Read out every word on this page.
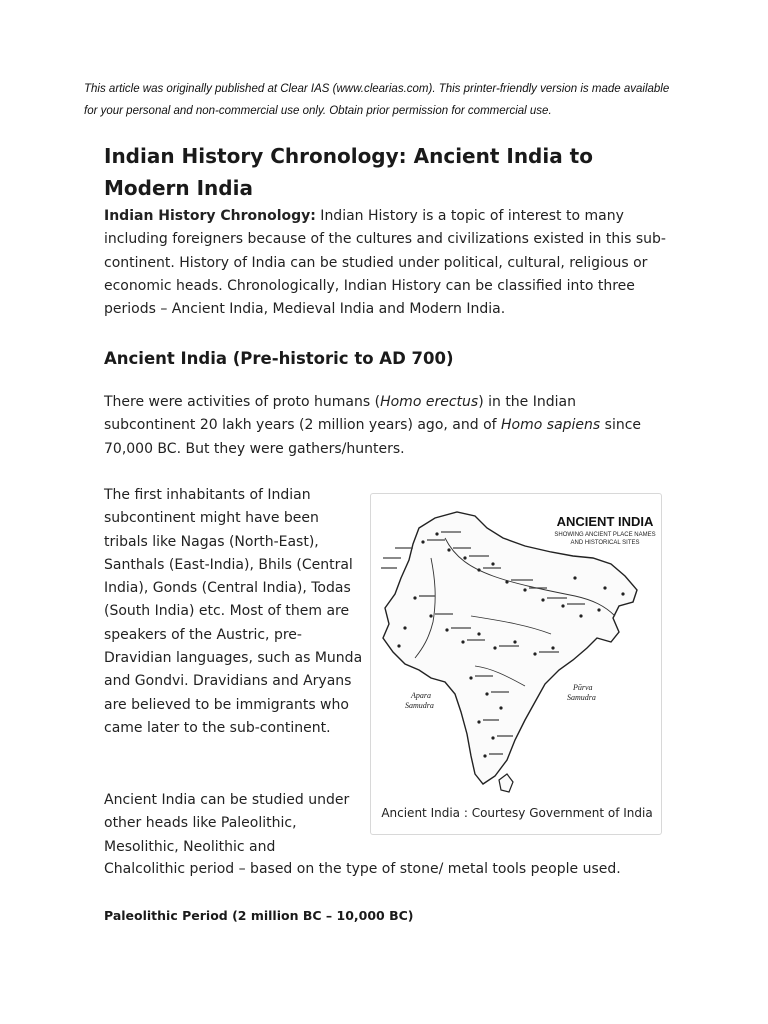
This article was originally published at Clear IAS (www.clearias.com). This printer-friendly version is made available for your personal and non-commercial use only. Obtain prior permission for commercial use.
Indian History Chronology: Ancient India to Modern India

Indian History Chronology: Indian History is a topic of interest to many including foreigners because of the cultures and civilizations existed in this sub-continent. History of India can be studied under political, cultural, religious or economic heads. Chronologically, Indian History can be classified into three periods – Ancient India, Medieval India and Modern India.

Ancient India (Pre-historic to AD 700)

There were activities of proto humans (Homo erectus) in the Indian subcontinent 20 lakh years (2 million years) ago, and of Homo sapiens since 70,000 BC. But they were gathers/hunters.

The first inhabitants of Indian subcontinent might have been tribals like Nagas (North-East), Santhals (East-India), Bhils (Central India), Gonds (Central India), Todas (South India) etc. Most of them are speakers of the Austric, pre-Dravidian languages, such as Munda and Gondvi. Dravidians and Aryans are believed to be immigrants who came later to the sub-continent.

Ancient India can be studied under other heads like Paleolithic, Mesolithic, Neolithic and

Chalcolithic period – based on the type of stone/ metal tools people used.

Paleolithic Period (2 million BC – 10,000 BC)
ANCIENT INDIA
SHOWING ANCIENT PLACE NAMES
AND HISTORICAL SITES
Apara
Samudra
Pūrva
Samudra
Ancient India : Courtesy Government of India
